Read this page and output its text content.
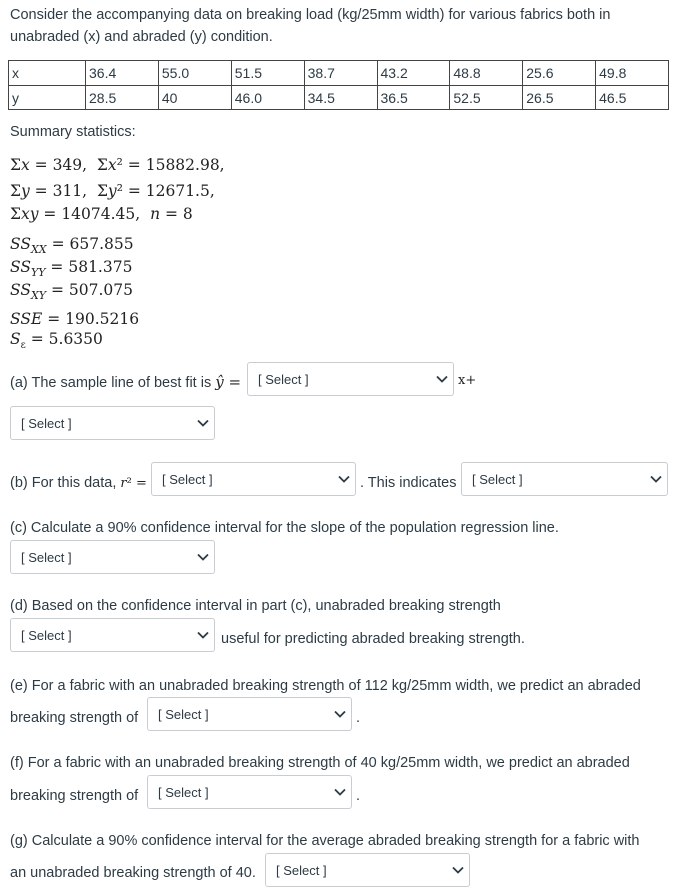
Consider the accompanying data on breaking load (kg/25mm width) for various fabrics both in
unabraded (x) and abraded (y) condition.
x	36.4	55.0	51.5	38.7	43.2	48.8	25.6	49.8
y	28.5	40	46.0	34.5	36.5	52.5	26.5	46.5
Summary statistics:
Σx = 349,  Σx² = 15882.98,
Σy = 311,  Σy² = 12671.5,
Σxy = 14074.45, n = 8
$SS_{XX} = 657.855$
$SS_{YY} = 581.375$
$SS_{XY} = 507.075$
SSE = 190.5216
$S_\varepsilon = 5.6350$
(a) The sample line of best fit is ŷ = [ Select ]	x+
[ Select ]
(b) For this data, r² = [ Select ]	. This indicates [ Select ]
(c) Calculate a 90% confidence interval for the slope of the population regression line.
[ Select ]
(d) Based on the confidence interval in part (c), unabraded breaking strength
[ Select ]	useful for predicting abraded breaking strength.
(e) For a fabric with an unabraded breaking strength of 112 kg/25mm width, we predict an abraded
breaking strength of [ Select ]	.
(f) For a fabric with an unabraded breaking strength of 40 kg/25mm width, we predict an abraded
breaking strength of [ Select ]	.
(g) Calculate a 90% confidence interval for the average abraded breaking strength for a fabric with
an unabraded breaking strength of 40. [ Select ]
